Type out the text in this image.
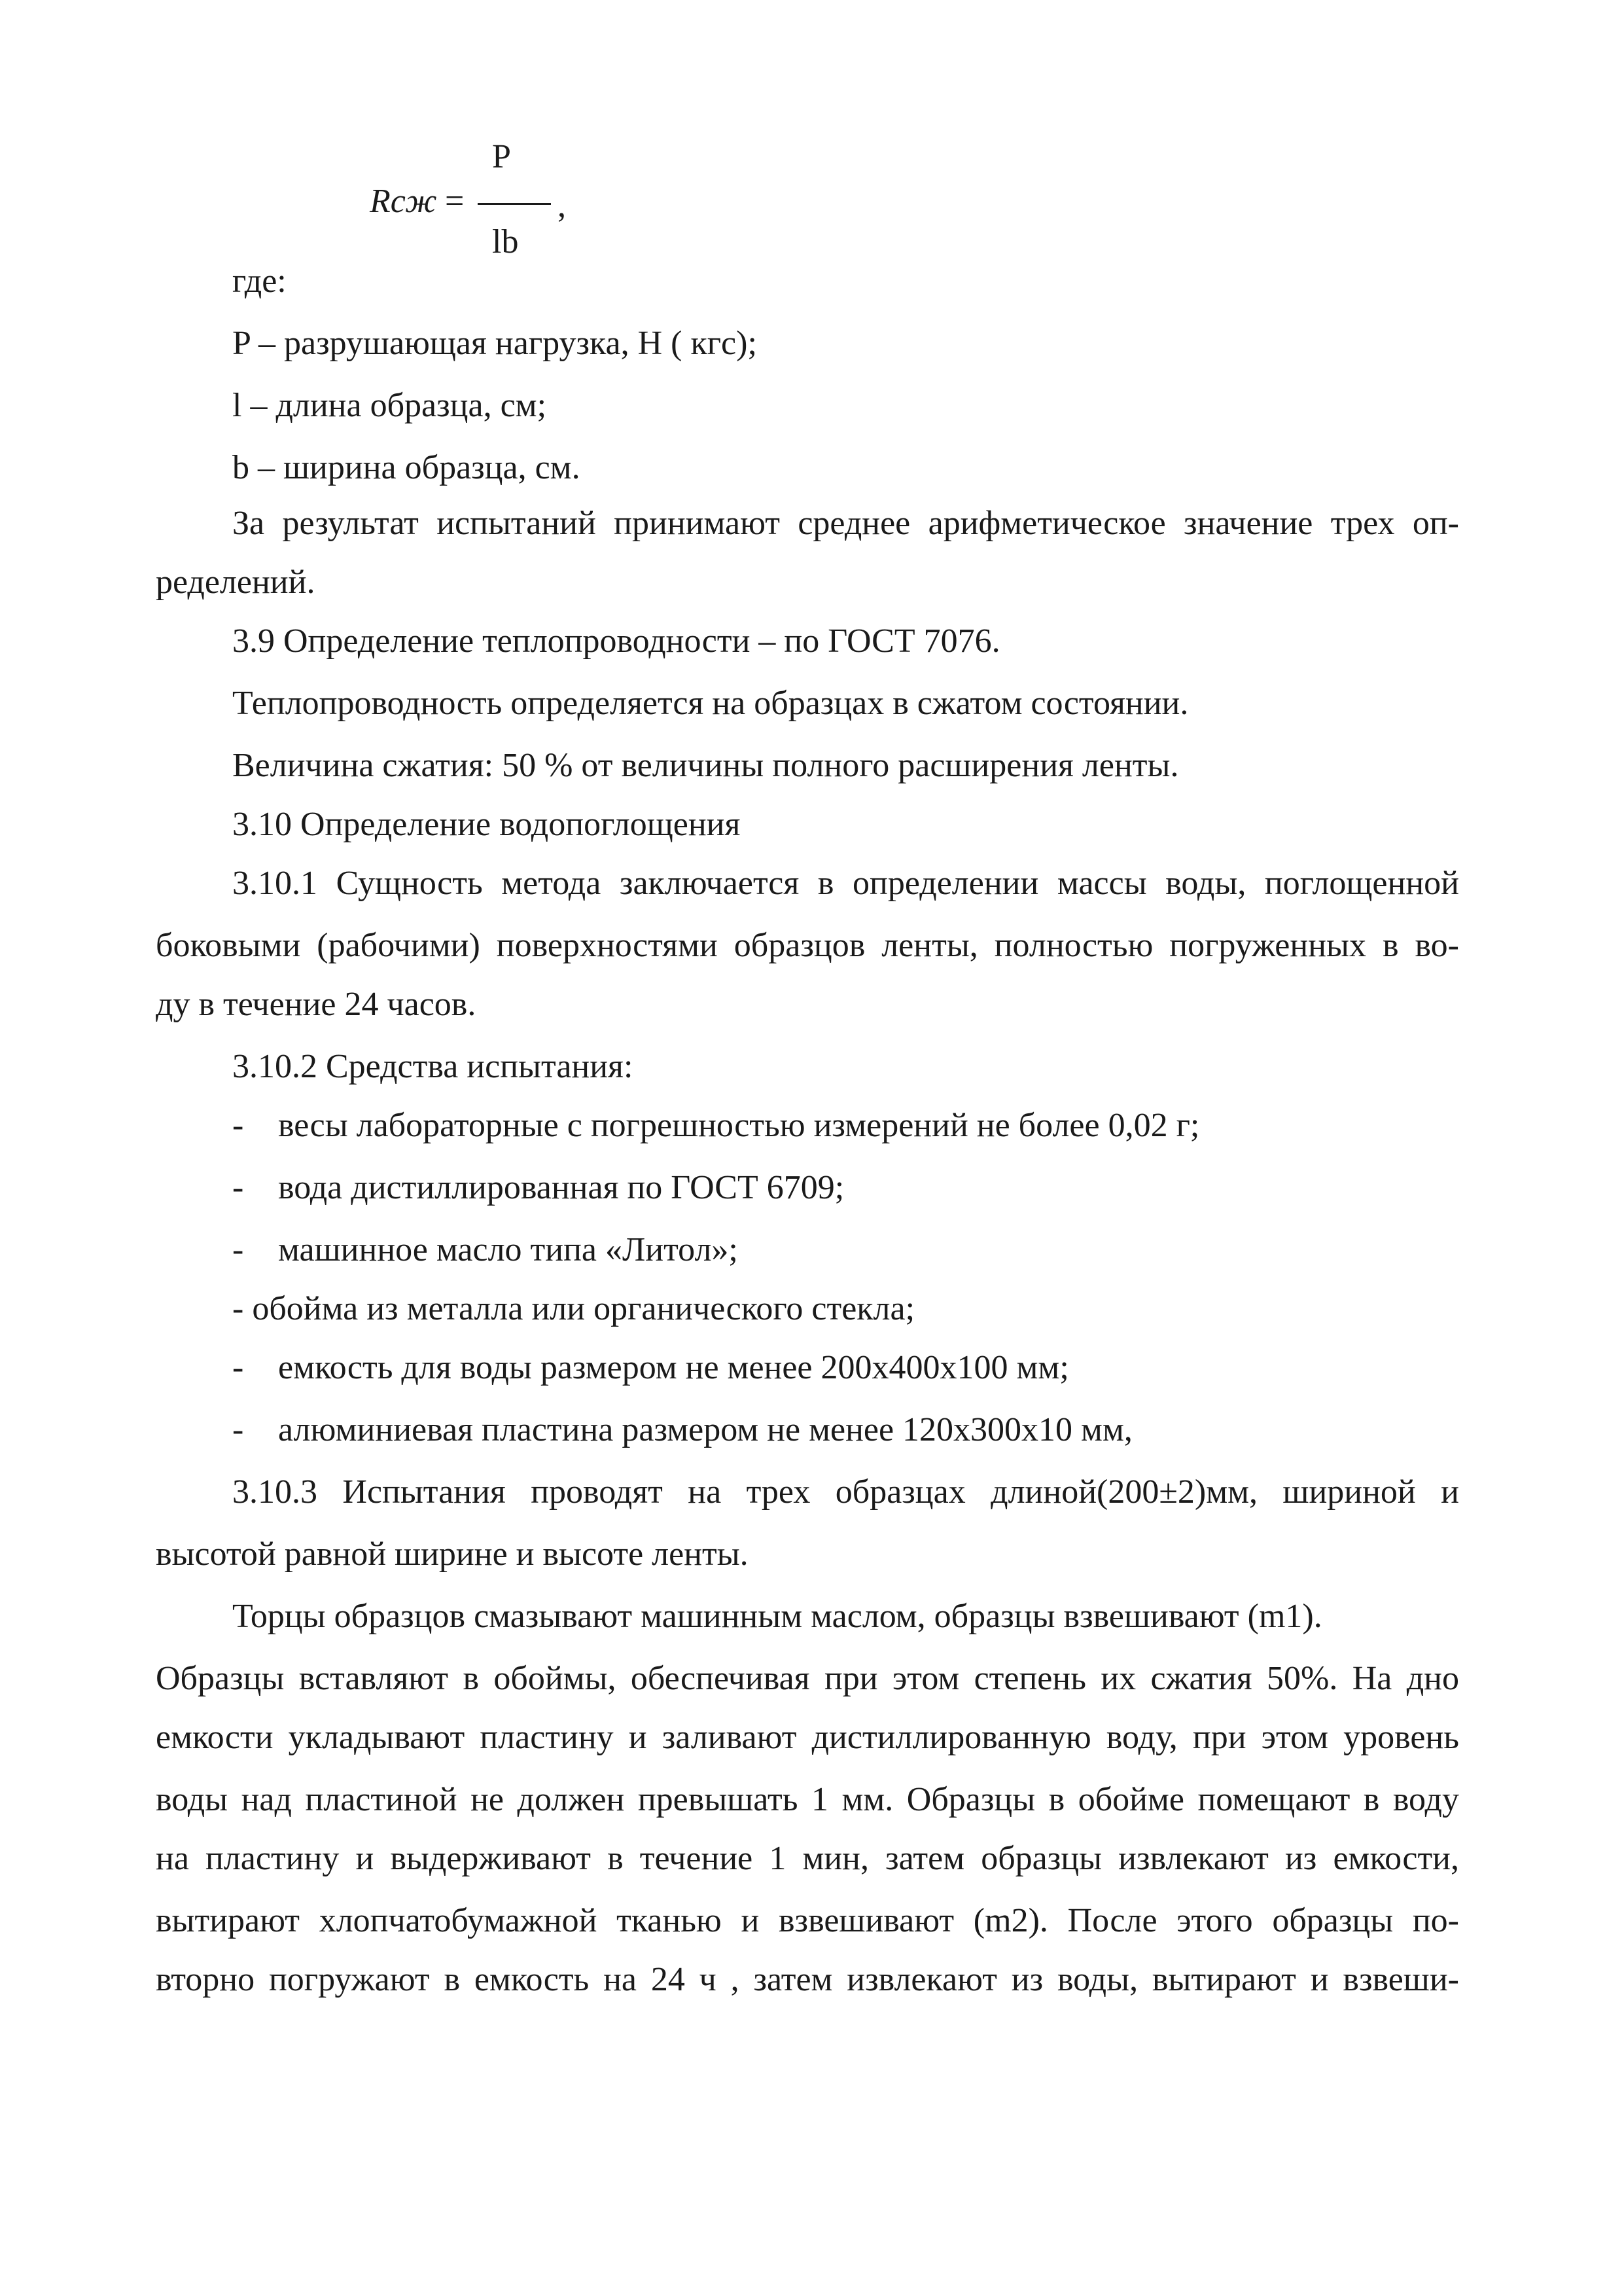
Rсж =
P
,
lb
где:
P – разрушающая нагрузка, Н ( кгс);
l – длина образца, см;
b – ширина образца, см.
За результат испытаний принимают среднее арифметическое значение трех оп-
ределений.
3.9 Определение теплопроводности – по ГОСТ 7076.
Теплопроводность определяется на образцах в сжатом состоянии.
Величина сжатия: 50 % от величины полного расширения ленты.
3.10 Определение водопоглощения
3.10.1 Сущность метода заключается в определении массы воды, поглощенной
боковыми (рабочими) поверхностями образцов ленты, полностью погруженных в во-
ду в течение 24 часов.
3.10.2 Средства испытания:
- весы лабораторные с погрешностью измерений не более 0,02 г;
- вода дистиллированная по ГОСТ 6709;
- машинное масло типа «Литол»;
- обойма из металла или органического стекла;
- емкость для воды размером не менее 200х400х100 мм;
- алюминиевая пластина размером не менее 120х300х10 мм,
3.10.3 Испытания проводят на трех образцах длиной(200±2)мм, шириной и
высотой равной ширине и высоте ленты.
Торцы образцов смазывают машинным маслом, образцы взвешивают (m1).
Образцы вставляют в обоймы, обеспечивая при этом степень их сжатия 50%. На дно
емкости укладывают пластину и заливают дистиллированную воду, при этом уровень
воды над пластиной не должен превышать 1 мм. Образцы в обойме помещают в воду
на пластину и выдерживают в течение 1 мин, затем образцы извлекают из емкости,
вытирают хлопчатобумажной тканью и взвешивают (m2). После этого образцы по-
вторно погружают в емкость на 24 ч , затем извлекают из воды, вытирают и взвеши-
